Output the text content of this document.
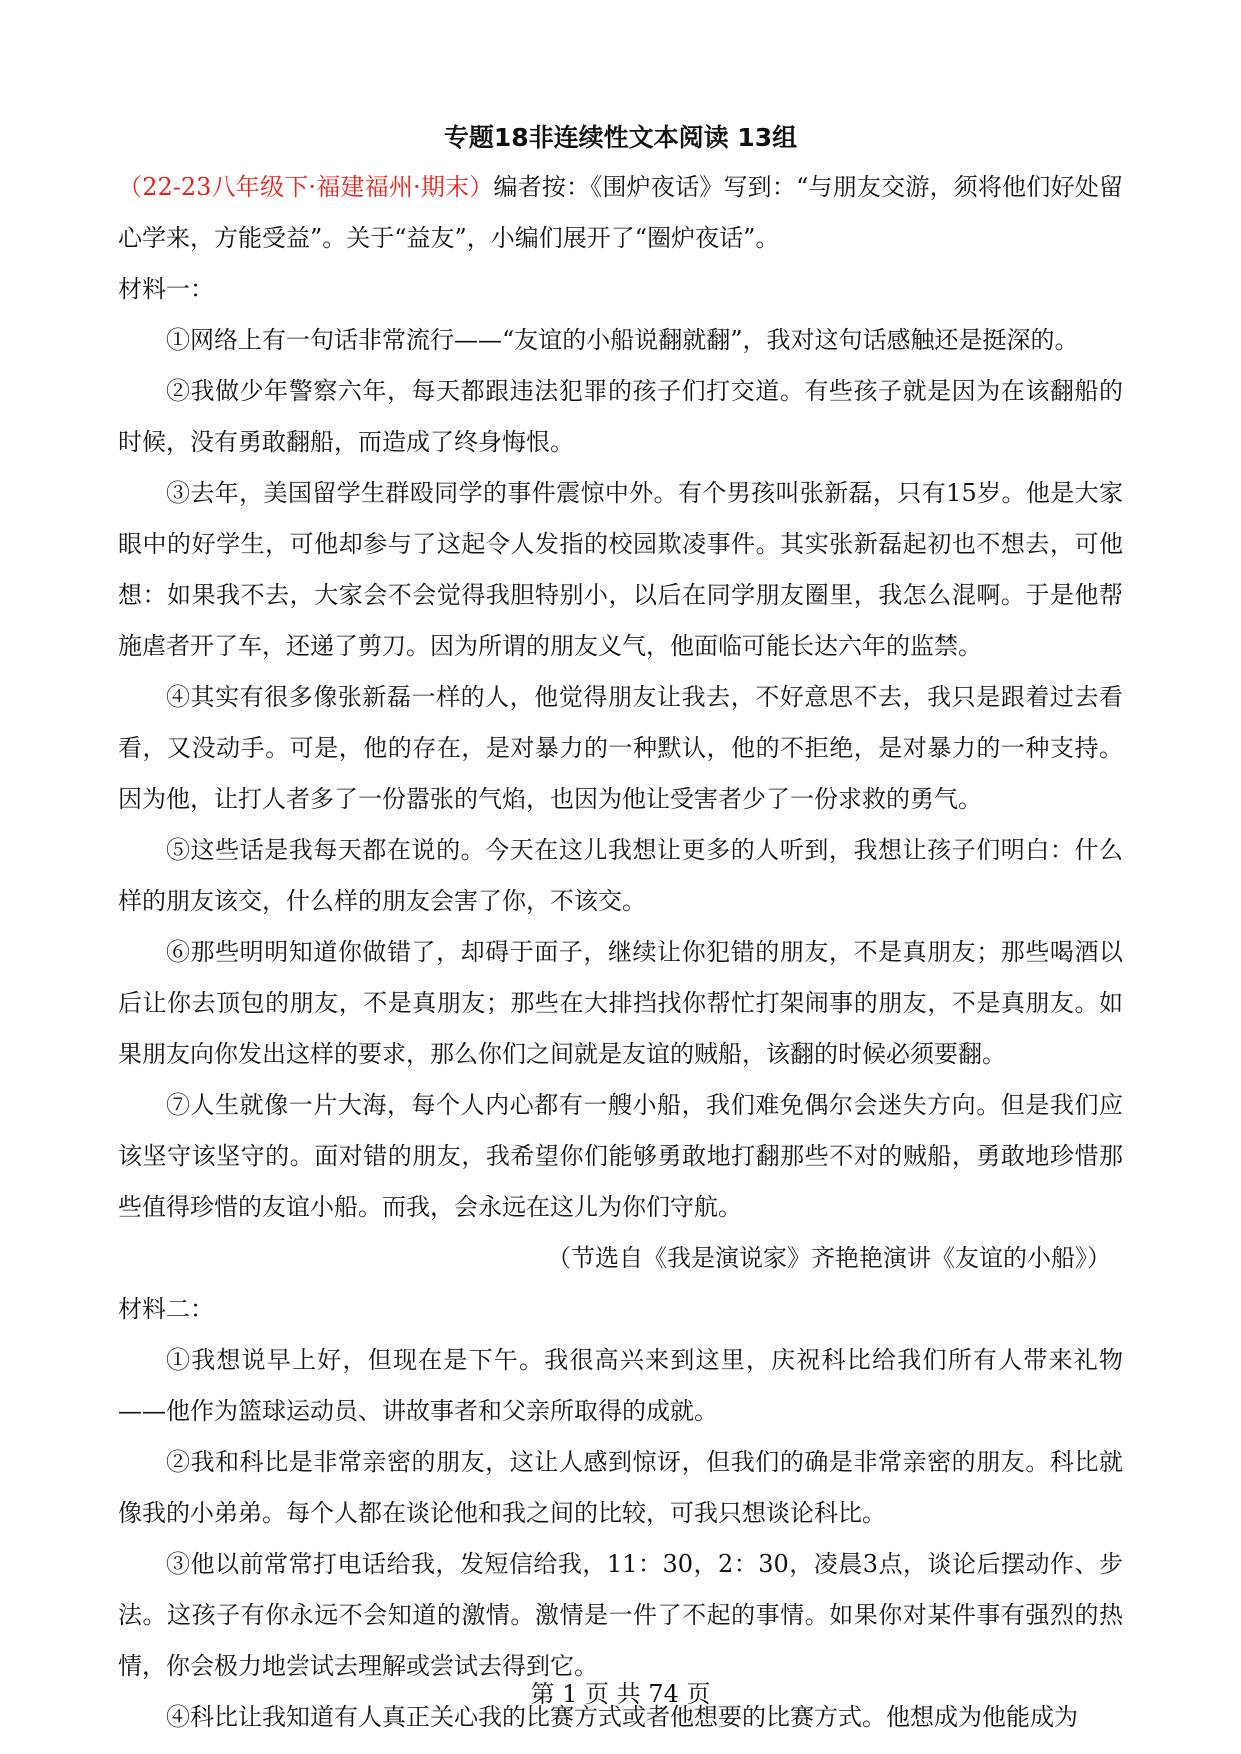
专题18非连续性文本阅读 13组

（22-23八年级下·福建福州·期末）编者按：《围炉夜话》写到：“与朋友交游，须将他们好处留心学来，方能受益”。关于“益友”，小编们展开了“圈炉夜话”。

材料一：

①网络上有一句话非常流行——“友谊的小船说翻就翻”，我对这句话感触还是挺深的。

②我做少年警察六年，每天都跟违法犯罪的孩子们打交道。有些孩子就是因为在该翻船的时候，没有勇敢翻船，而造成了终身悔恨。

③去年，美国留学生群殴同学的事件震惊中外。有个男孩叫张新磊，只有15岁。他是大家眼中的好学生，可他却参与了这起令人发指的校园欺凌事件。其实张新磊起初也不想去，可他想：如果我不去，大家会不会觉得我胆特别小，以后在同学朋友圈里，我怎么混啊。于是他帮施虐者开了车，还递了剪刀。因为所谓的朋友义气，他面临可能长达六年的监禁。

④其实有很多像张新磊一样的人，他觉得朋友让我去，不好意思不去，我只是跟着过去看看，又没动手。可是，他的存在，是对暴力的一种默认，他的不拒绝，是对暴力的一种支持。因为他，让打人者多了一份嚣张的气焰，也因为他让受害者少了一份求救的勇气。

⑤这些话是我每天都在说的。今天在这儿我想让更多的人听到，我想让孩子们明白：什么样的朋友该交，什么样的朋友会害了你，不该交。

⑥那些明明知道你做错了，却碍于面子，继续让你犯错的朋友，不是真朋友；那些喝酒以后让你去顶包的朋友，不是真朋友；那些在大排挡找你帮忙打架闹事的朋友，不是真朋友。如果朋友向你发出这样的要求，那么你们之间就是友谊的贼船，该翻的时候必须要翻。

⑦人生就像一片大海，每个人内心都有一艘小船，我们难免偶尔会迷失方向。但是我们应该坚守该坚守的。面对错的朋友，我希望你们能够勇敢地打翻那些不对的贼船，勇敢地珍惜那些值得珍惜的友谊小船。而我，会永远在这儿为你们守航。

（节选自《我是演说家》齐艳艳演讲《友谊的小船》）

材料二：

①我想说早上好，但现在是下午。我很高兴来到这里，庆祝科比给我们所有人带来礼物——他作为篮球运动员、讲故事者和父亲所取得的成就。

②我和科比是非常亲密的朋友，这让人感到惊讶，但我们的确是非常亲密的朋友。科比就像我的小弟弟。每个人都在谈论他和我之间的比较，可我只想谈论科比。

③他以前常常打电话给我，发短信给我，11：30，2：30，凌晨3点，谈论后摆动作、步法。这孩子有你永远不会知道的激情。激情是一件了不起的事情。如果你对某件事有强烈的热情，你会极力地尝试去理解或尝试去得到它。

④科比让我知道有人真正关心我的比赛方式或者他想要的比赛方式。他想成为他能成为

第 1 页 共 74 页
